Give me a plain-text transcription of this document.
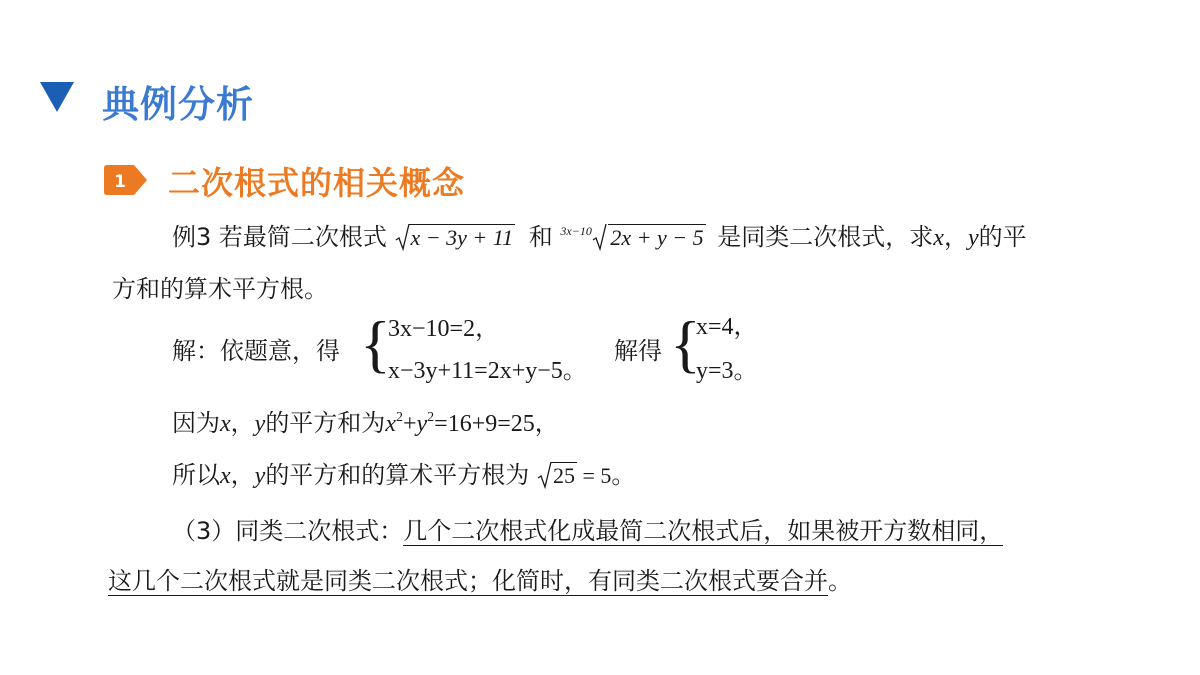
典例分析
1 二次根式的相关概念
例3 若最简二次根式 x − 3y + 11 和 3x−10 2x + y − 5 是同类二次根式，求x，y的平
方和的算术平方根。
解：依题意，得 {
3x−10=2，
x−3y+11=2x+y−5。
解得 {
x=4，
y=3。
因为x，y的平方和为$x^2+y^2=16+9=25$，
所以x，y的平方和的算术平方根为 25 = 5。
（3）同类二次根式：几个二次根式化成最简二次根式后，如果被开方数相同，
这几个二次根式就是同类二次根式；化简时，有同类二次根式要合并。
